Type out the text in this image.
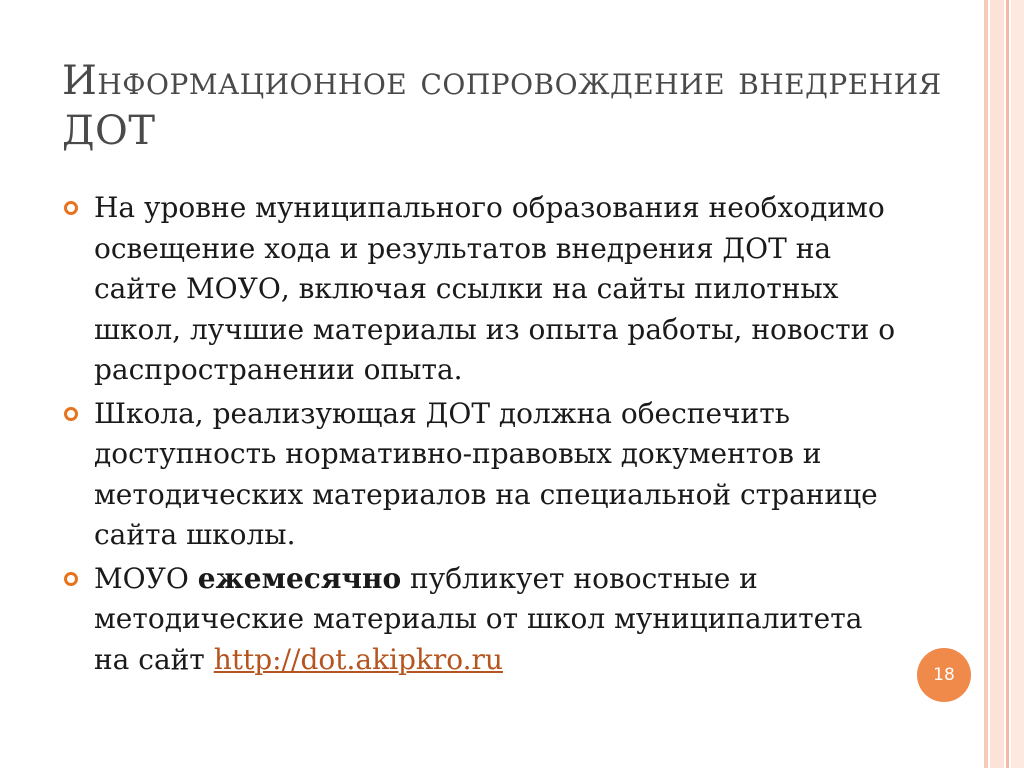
Информационное сопровождение внедрения ДОТ
На уровне муниципального образования необходимо освещение хода и результатов внедрения ДОТ на сайте МОУО, включая ссылки на сайты пилотных школ, лучшие материалы из опыта работы, новости о распространении опыта.
Школа, реализующая ДОТ должна обеспечить доступность нормативно-правовых документов и методических материалов на специальной странице сайта школы.
МОУО ежемесячно публикует новостные и методические материалы от школ муниципалитета на сайт http://dot.akipkro.ru	18
